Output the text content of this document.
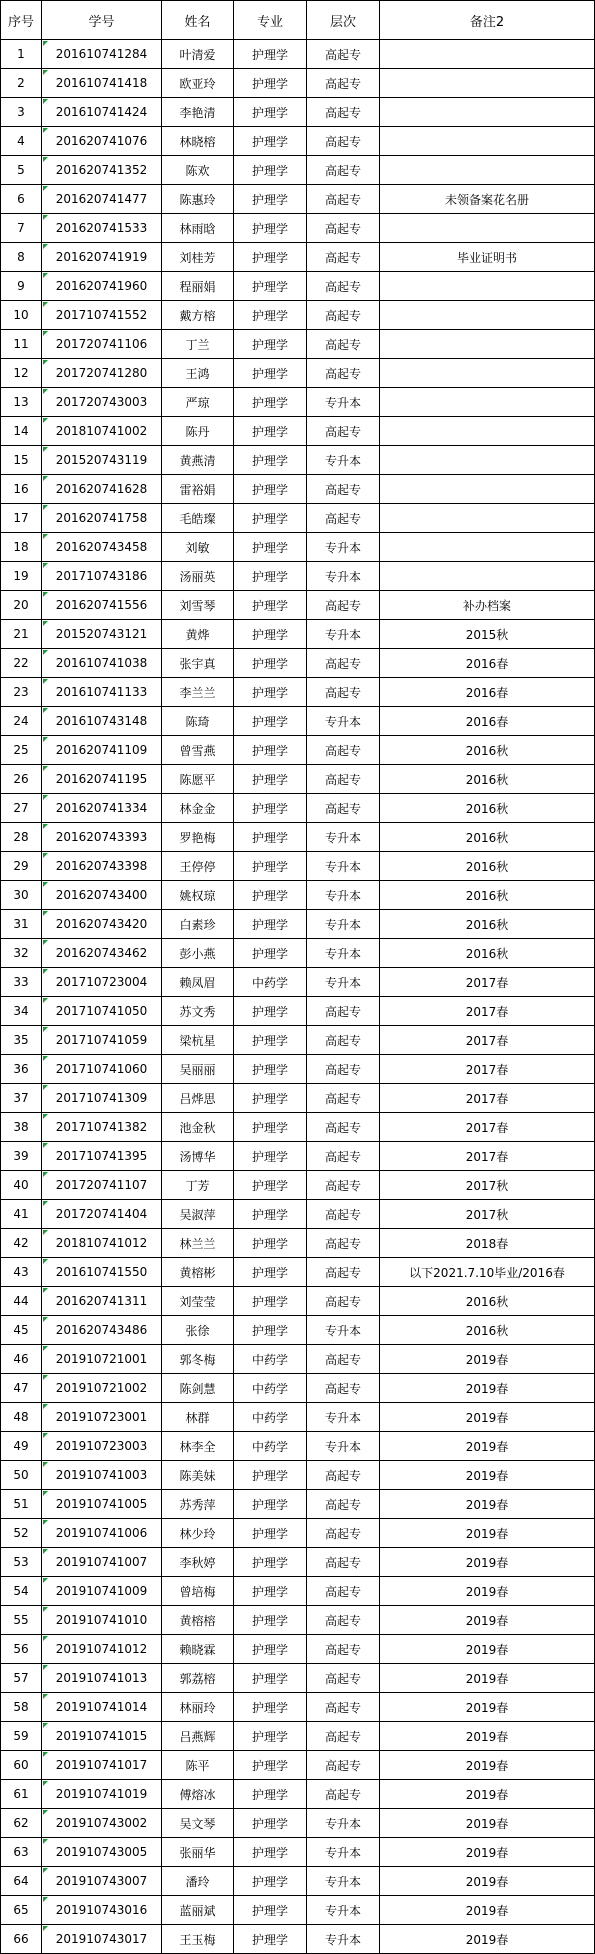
序号	学号	姓名	专业	层次	备注2
1	201610741284	叶清爱	护理学	高起专	
2	201610741418	欧亚玲	护理学	高起专	
3	201610741424	李艳清	护理学	高起专	
4	201620741076	林晓榕	护理学	高起专	
5	201620741352	陈欢	护理学	高起专	
6	201620741477	陈惠玲	护理学	高起专	未领备案花名册
7	201620741533	林雨晗	护理学	高起专	
8	201620741919	刘桂芳	护理学	高起专	毕业证明书
9	201620741960	程丽娟	护理学	高起专	
10	201710741552	戴方榕	护理学	高起专	
11	201720741106	丁兰	护理学	高起专	
12	201720741280	王鸿	护理学	高起专	
13	201720743003	严琼	护理学	专升本	
14	201810741002	陈丹	护理学	高起专	
15	201520743119	黄燕清	护理学	专升本	
16	201620741628	雷裕娟	护理学	高起专	
17	201620741758	毛皓璨	护理学	高起专	
18	201620743458	刘敏	护理学	专升本	
19	201710743186	汤丽英	护理学	专升本	
20	201620741556	刘雪琴	护理学	高起专	补办档案
21	201520743121	黄烨	护理学	专升本	2015秋
22	201610741038	张宇真	护理学	高起专	2016春
23	201610741133	李兰兰	护理学	高起专	2016春
24	201610743148	陈琦	护理学	专升本	2016春
25	201620741109	曾雪燕	护理学	高起专	2016秋
26	201620741195	陈愿平	护理学	高起专	2016秋
27	201620741334	林金金	护理学	高起专	2016秋
28	201620743393	罗艳梅	护理学	专升本	2016秋
29	201620743398	王停停	护理学	专升本	2016秋
30	201620743400	姚权琼	护理学	专升本	2016秋
31	201620743420	白素珍	护理学	专升本	2016秋
32	201620743462	彭小燕	护理学	专升本	2016秋
33	201710723004	赖凤眉	中药学	专升本	2017春
34	201710741050	苏文秀	护理学	高起专	2017春
35	201710741059	梁杭星	护理学	高起专	2017春
36	201710741060	吴丽丽	护理学	高起专	2017春
37	201710741309	吕烨思	护理学	高起专	2017春
38	201710741382	池金秋	护理学	高起专	2017春
39	201710741395	汤博华	护理学	高起专	2017春
40	201720741107	丁芳	护理学	高起专	2017秋
41	201720741404	吴淑萍	护理学	高起专	2017秋
42	201810741012	林兰兰	护理学	高起专	2018春
43	201610741550	黄榕彬	护理学	高起专	以下2021.7.10毕业/2016春
44	201620741311	刘莹莹	护理学	高起专	2016秋
45	201620743486	张徐	护理学	专升本	2016秋
46	201910721001	郭冬梅	中药学	高起专	2019春
47	201910721002	陈剑慧	中药学	高起专	2019春
48	201910723001	林群	中药学	专升本	2019春
49	201910723003	林李全	中药学	专升本	2019春
50	201910741003	陈美妹	护理学	高起专	2019春
51	201910741005	苏秀萍	护理学	高起专	2019春
52	201910741006	林少玲	护理学	高起专	2019春
53	201910741007	李秋婷	护理学	高起专	2019春
54	201910741009	曾培梅	护理学	高起专	2019春
55	201910741010	黄榕榕	护理学	高起专	2019春
56	201910741012	赖晓霖	护理学	高起专	2019春
57	201910741013	郭荔榕	护理学	高起专	2019春
58	201910741014	林丽玲	护理学	高起专	2019春
59	201910741015	吕燕辉	护理学	高起专	2019春
60	201910741017	陈平	护理学	高起专	2019春
61	201910741019	傅熔冰	护理学	高起专	2019春
62	201910743002	吴文琴	护理学	专升本	2019春
63	201910743005	张丽华	护理学	专升本	2019春
64	201910743007	潘玲	护理学	专升本	2019春
65	201910743016	蓝丽斌	护理学	专升本	2019春
66	201910743017	王玉梅	护理学	专升本	2019春
